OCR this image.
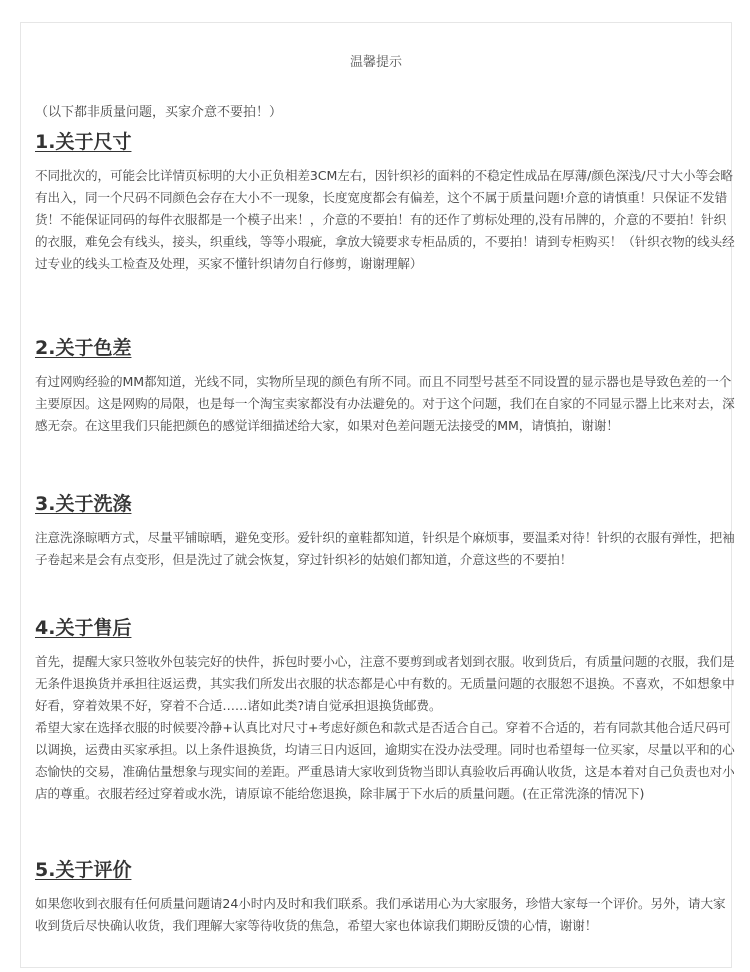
温馨提示
（以下都非质量问题，买家介意不要拍！）
1.关于尺寸

不同批次的，可能会比详情页标明的大小正负相差3CM左右，因针织衫的面料的不稳定性成品在厚薄/颜色深浅/尺寸大小等会略有出入，同一个尺码不同颜色会存在大小不一现象，长度宽度都会有偏差，这个不属于质量问题!介意的请慎重！只保证不发错货！不能保证同码的每件衣服都是一个模子出来！，介意的不要拍！有的还作了剪标处理的,没有吊牌的，介意的不要拍！针织的衣服，难免会有线头，接头，织重线，等等小瑕疵，拿放大镜要求专柜品质的，不要拍！请到专柜购买！（针织衣物的线头经过专业的线头工检查及处理，买家不懂针织请勿自行修剪，谢谢理解）

2.关于色差

有过网购经验的MM都知道，光线不同，实物所呈现的颜色有所不同。而且不同型号甚至不同设置的显示器也是导致色差的一个主要原因。这是网购的局限，也是每一个淘宝卖家都没有办法避免的。对于这个问题，我们在自家的不同显示器上比来对去，深感无奈。在这里我们只能把颜色的感觉详细描述给大家，如果对色差问题无法接受的MM，请慎拍，谢谢！

3.关于洗涤

注意洗涤晾晒方式，尽量平铺晾晒，避免变形。爱针织的童鞋都知道，针织是个麻烦事，要温柔对待！针织的衣服有弹性，把袖子卷起来是会有点变形，但是洗过了就会恢复，穿过针织衫的姑娘们都知道，介意这些的不要拍！

4.关于售后

首先，提醒大家只签收外包装完好的快件，拆包时要小心，注意不要剪到或者划到衣服。收到货后，有质量问题的衣服，我们是无条件退换货并承担往返运费，其实我们所发出衣服的状态都是心中有数的。无质量问题的衣服恕不退换。不喜欢，不如想象中好看，穿着效果不好，穿着不合适……诸如此类?请自觉承担退换货邮费。

希望大家在选择衣服的时候要冷静+认真比对尺寸+考虑好颜色和款式是否适合自己。穿着不合适的，若有同款其他合适尺码可以调换，运费由买家承担。以上条件退换货，均请三日内返回，逾期实在没办法受理。同时也希望每一位买家，尽量以平和的心态愉快的交易，准确估量想象与现实间的差距。严重恳请大家收到货物当即认真验收后再确认收货，这是本着对自己负责也对小店的尊重。衣服若经过穿着或水洗，请原谅不能给您退换，除非属于下水后的质量问题。(在正常洗涤的情况下)

5.关于评价

如果您收到衣服有任何质量问题请24小时内及时和我们联系。我们承诺用心为大家服务，珍惜大家每一个评价。另外，请大家收到货后尽快确认收货，我们理解大家等待收货的焦急，希望大家也体谅我们期盼反馈的心情，谢谢！
